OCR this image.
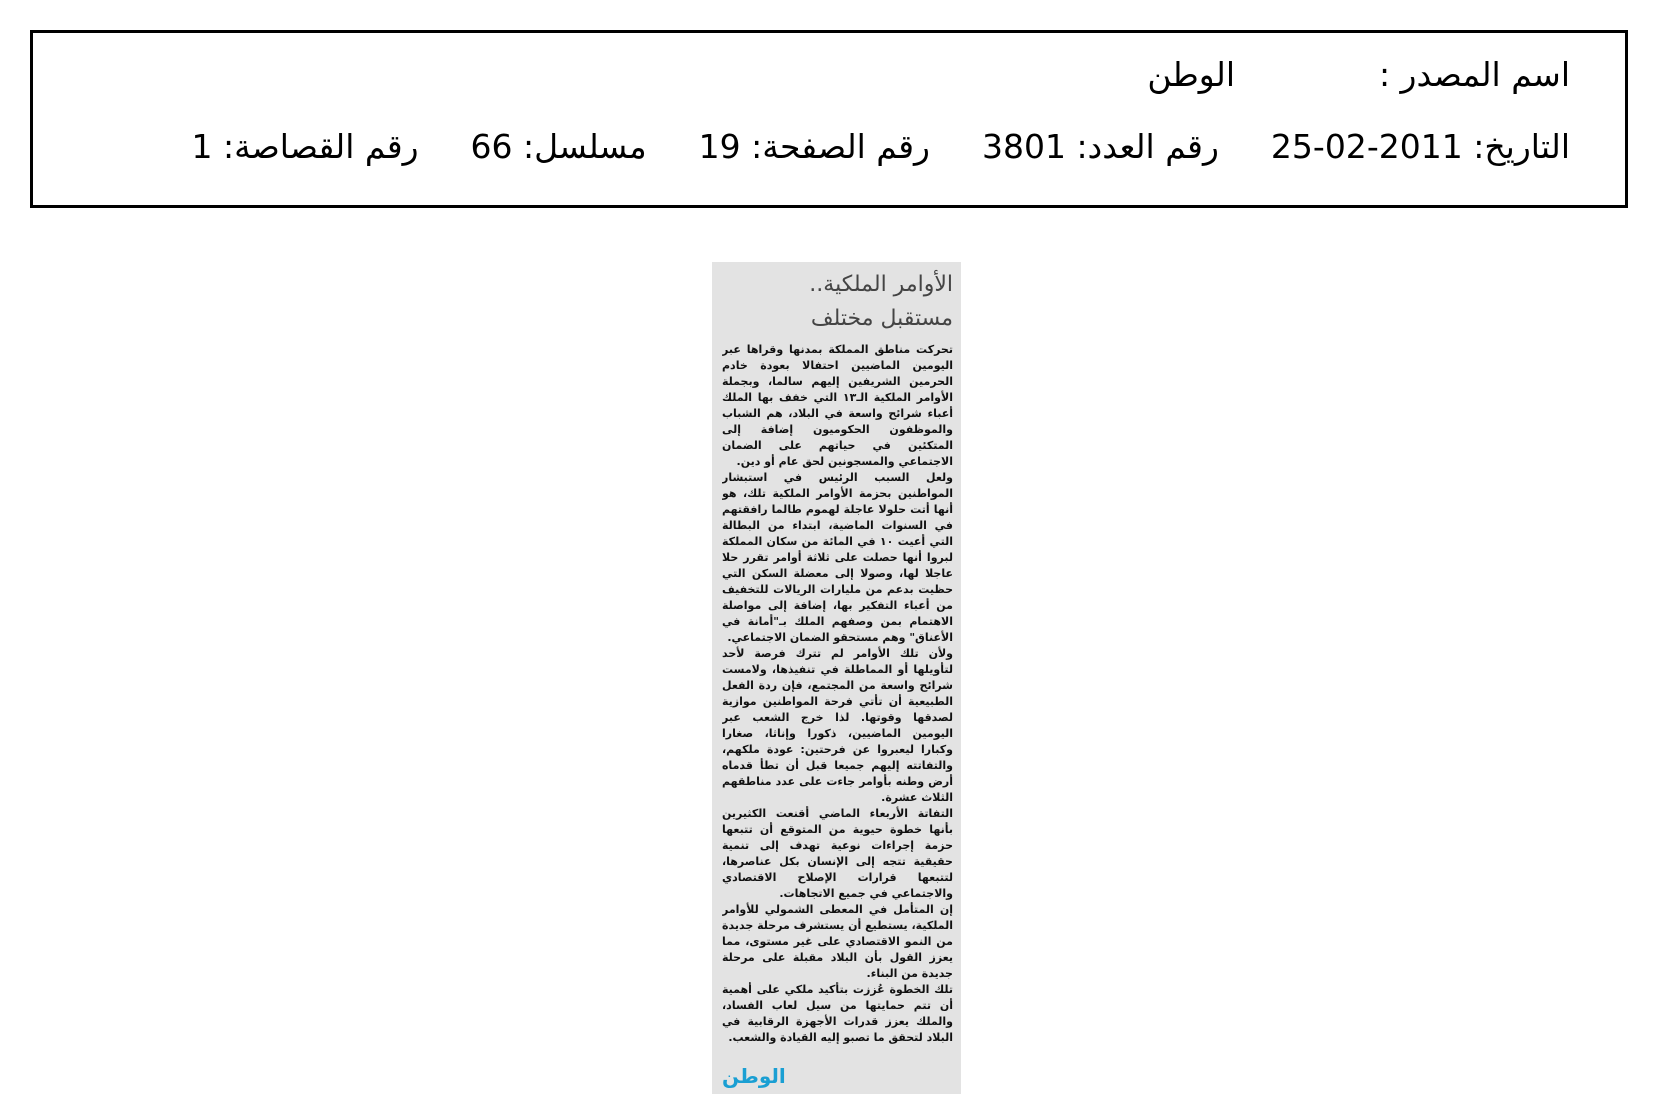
اسم المصدر :الوطن
التاريخ: 2011-02-25رقم العدد: 3801رقم الصفحة: 19مسلسل: 66رقم القصاصة: 1
الأوامر الملكية..
مستقبل مختلف

تحركت مناطق المملكة بمدنها وقراها عبر اليومين الماضيين احتفالا بعودة خادم الحرمين الشريفين إليهم سالما، وبجملة الأوامر الملكية الـ١٣ التي خفف بها الملك أعباء شرائح واسعة في البلاد، هم الشباب والموظفون الحكوميون إضافة إلى المتكئين في حياتهم على الضمان الاجتماعي والمسجونين لحق عام أو دين.

ولعل السبب الرئيس في استبشار المواطنين بحزمة الأوامر الملكية تلك، هو أنها أتت حلولا عاجلة لهموم طالما رافقتهم في السنوات الماضية، ابتداء من البطالة التي أعيت ١٠ في المائة من سكان المملكة لبروا أنها حصلت على ثلاثة أوامر تقرر حلا عاجلا لها، وصولا إلى معضلة السكن التي حظيت بدعم من مليارات الريالات للتخفيف من أعباء التفكير بها، إضافة إلى مواصلة الاهتمام بمن وصفهم الملك بـ"أمانة في الأعناق" وهم مستحقو الضمان الاجتماعي.

ولأن تلك الأوامر لم تترك فرصة لأحد لتأويلها أو المماطلة في تنفيذها، ولامست شرائح واسعة من المجتمع، فإن ردة الفعل الطبيعية أن تأتي فرحة المواطنين موازية لصدقها وقوتها. لذا خرج الشعب عبر اليومين الماضيين، ذكورا وإناثا، صغارا وكبارا ليعبروا عن فرحتين: عودة ملكهم، والتفاتته إليهم جميعا قبل أن تطأ قدماه أرض وطنه بأوامر جاءت على عدد مناطقهم الثلاث عشرة.

التفاتة الأربعاء الماضي أقنعت الكثيرين بأنها خطوة حيوية من المتوقع أن تتبعها حزمة إجراءات نوعية تهدف إلى تنمية حقيقية تتجه إلى الإنسان بكل عناصرها، لتتبعها قرارات الإصلاح الاقتصادي والاجتماعي في جميع الاتجاهات.

إن المتأمل في المعطى الشمولي للأوامر الملكية، يستطيع أن يستشرف مرحلة جديدة من النمو الاقتصادي على غير مستوى، مما يعزز القول بأن البلاد مقبلة على مرحلة جديدة من البناء.

تلك الخطوة عُززت بتأكيد ملكي على أهمية أن تتم حمايتها من سيل لعاب الفساد، والملك يعزز قدرات الأجهزة الرقابية في البلاد لتحقق ما تصبو إليه القيادة والشعب.

الوطن
